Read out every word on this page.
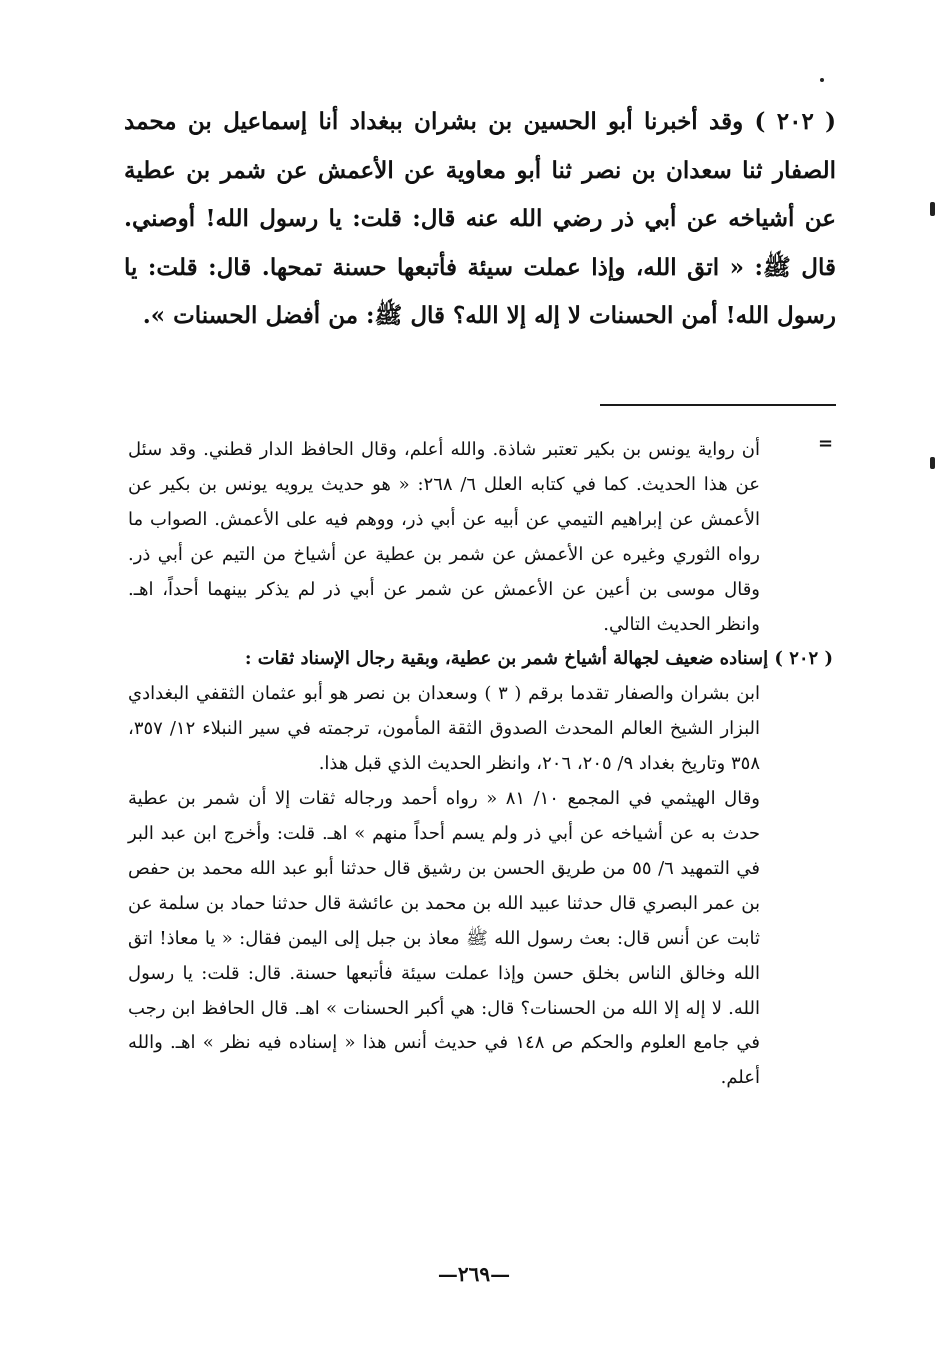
( ٢٠٢ ) وقد أخبرنا أبو الحسين بن بشران ببغداد أنا إسماعيل بن محمد الصفار ثنا سعدان بن نصر ثنا أبو معاوية عن الأعمش عن شمر بن عطية عن أشياخه عن أبي ذر رضي الله عنه قال: قلت: يا رسول الله! أوصني. قال ﷺ: « اتق الله، وإذا عملت سيئة فأتبعها حسنة تمحها. قال: قلت: يا رسول الله! أمن الحسنات لا إله إلا الله؟ قال ﷺ: من أفضل الحسنات ».

=

أن رواية يونس بن بكير تعتبر شاذة. والله أعلم، وقال الحافظ الدار قطني. وقد سئل عن هذا الحديث. كما في كتابه العلل ٦/ ٢٦٨: « هو حديث يرويه يونس بن بكير عن الأعمش عن إبراهيم التيمي عن أبيه عن أبي ذر، ووهم فيه على الأعمش. الصواب ما رواه الثوري وغيره عن الأعمش عن شمر بن عطية عن أشياخ من التيم عن أبي ذر. وقال موسى بن أعين عن الأعمش عن شمر عن أبي ذر لم يذكر بينهما أحداً، اهـ. وانظر الحديث التالي.

( ٢٠٢ ) إسناده ضعيف لجهالة أشياخ شمر بن عطية، وبقية رجال الإسناد ثقات :

ابن بشران والصفار تقدما برقم ( ٣ ) وسعدان بن نصر هو أبو عثمان الثقفي البغدادي البزار الشيخ العالم المحدث الصدوق الثقة المأمون، ترجمته في سير النبلاء ١٢/ ٣٥٧، ٣٥٨ وتاريخ بغداد ٩/ ٢٠٥، ٢٠٦، وانظر الحديث الذي قبل هذا.

وقال الهيثمي في المجمع ١٠/ ٨١ « رواه أحمد ورجاله ثقات إلا أن شمر بن عطية حدث به عن أشياخه عن أبي ذر ولم يسم أحداً منهم » اهـ. قلت: وأخرج ابن عبد البر في التمهيد ٦/ ٥٥ من طريق الحسن بن رشيق قال حدثنا أبو عبد الله محمد بن حفص بن عمر البصري قال حدثنا عبيد الله بن محمد بن عائشة قال حدثنا حماد بن سلمة عن ثابت عن أنس قال: بعث رسول الله ﷺ معاذ بن جبل إلى اليمن فقال: « يا معاذ! اتق الله وخالق الناس بخلق حسن وإذا عملت سيئة فأتبعها حسنة. قال: قلت: يا رسول الله. لا إله إلا الله من الحسنات؟ قال: هي أكبر الحسنات » اهـ. قال الحافظ ابن رجب في جامع العلوم والحكم ص ١٤٨ في حديث أنس هذا « إسناده فيه نظر » اهـ. والله أعلم.

—٢٦٩—
